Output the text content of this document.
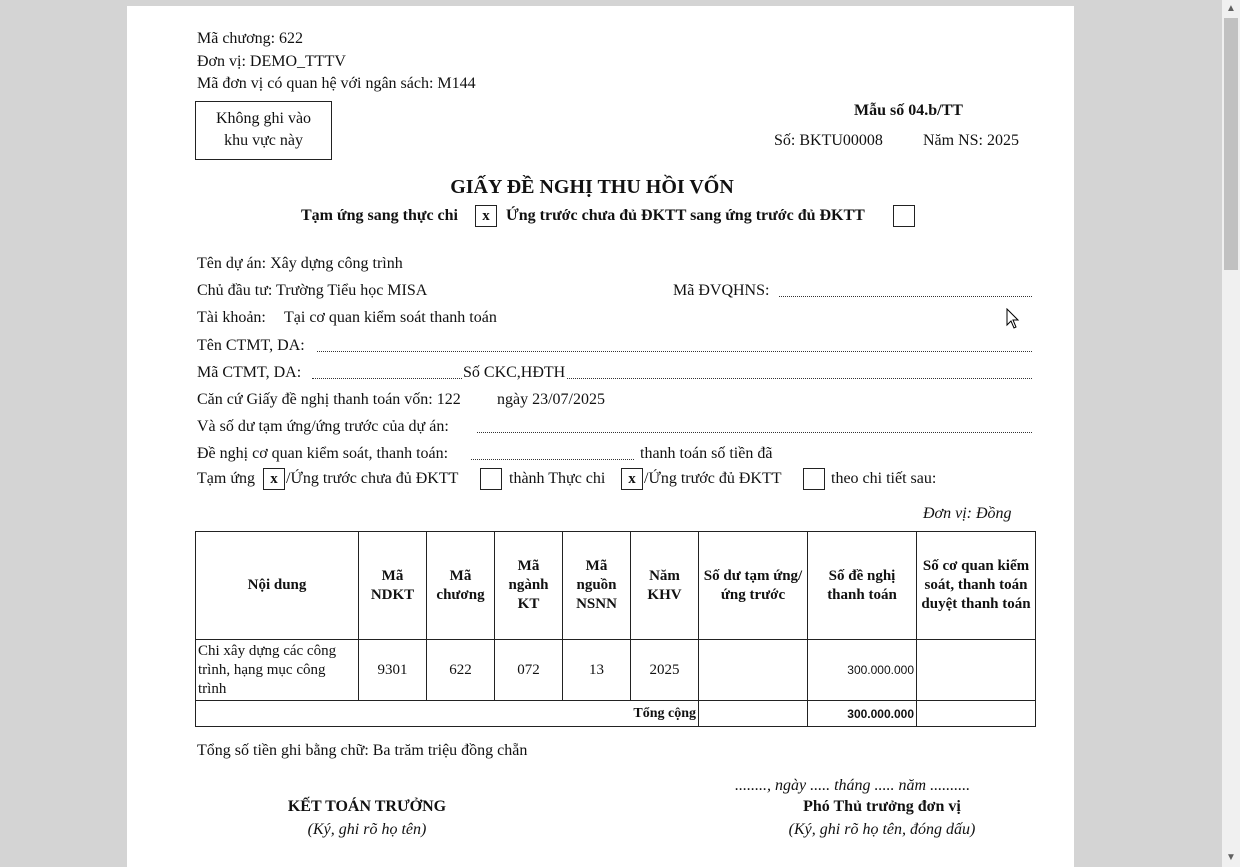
Mã chương: 622
Đơn vị: DEMO_TTTV
Mã đơn vị có quan hệ với ngân sách: M144
Không ghi vào
khu vực này
Mẫu số 04.b/TT
Số: BKTU00008	Năm NS: 2025
GIẤY ĐỀ NGHỊ THU HỒI VỐN
Tạm ứng sang thực chi	x	Ứng trước chưa đủ ĐKTT sang ứng trước đủ ĐKTT
Tên dự án: Xây dựng công trình
Chủ đầu tư: Trường Tiểu học MISA	Mã ĐVQHNS:
Tài khoản: Tại cơ quan kiểm soát thanh toán
Tên CTMT, DA:
Mã CTMT, DA:	Số CKC,HĐTH
Căn cứ Giấy đề nghị thanh toán vốn: 122 ngày 23/07/2025
Và số dư tạm ứng/ứng trước của dự án:
Đề nghị cơ quan kiểm soát, thanh toán:	thanh toán số tiền đã
Tạm ứng	x /Ứng trước chưa đủ ĐKTT	thành Thực chi	x /Ứng trước đủ ĐKTT	theo chi tiết sau:
Đơn vị: Đồng
Nội dung	Mã NDKT	Mã chương	Mã ngành KT	Mã nguồn NSNN	Năm KHV	Số dư tạm ứng/ứng trước	Số đề nghị thanh toán	Số cơ quan kiểm soát, thanh toán duyệt thanh toán
Chi xây dựng các công trình, hạng mục công trình	9301	622	072	13	2025		300.000.000	
Tổng cộng							300.000.000	
Tổng số tiền ghi bằng chữ: Ba trăm triệu đồng chẵn
........, ngày ..... tháng ..... năm ..........
KẾT TOÁN TRƯỞNG
(Ký, ghi rõ họ tên)
Phó Thủ trưởng đơn vị
(Ký, ghi rõ họ tên, đóng dấu)
▲
▼
